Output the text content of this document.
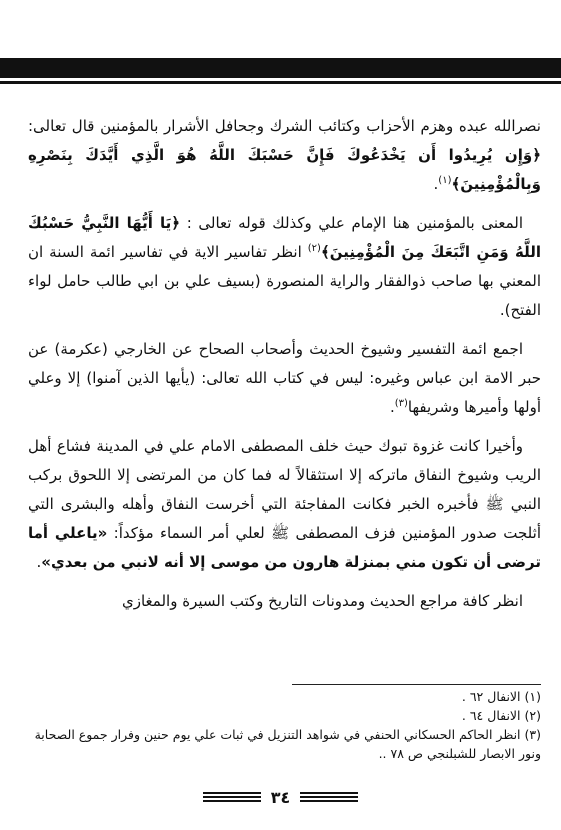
نصرالله عبده وهزم الأحزاب وكتائب الشرك وجحافل الأشرار بالمؤمنين قال تعالى: ﴿وَإِن يُرِيدُوا أَن يَخْدَعُوكَ فَإِنَّ حَسْبَكَ اللَّهُ هُوَ الَّذِي أَيَّدَكَ بِنَصْرِهِ وَبِالْمُؤْمِنِينَ﴾$^{(١)}$.

المعنى بالمؤمنين هنا الإمام علي وكذلك قوله تعالى : ﴿يَا أَيُّهَا النَّبِيُّ حَسْبُكَ اللَّهُ وَمَنِ اتَّبَعَكَ مِنَ الْمُؤْمِنِينَ﴾$^{(٢)}$ انظر تفاسير الاية في تفاسير ائمة السنة ان المعني بها صاحب ذوالفقار والراية المنصورة (بسيف علي بن ابي طالب حامل لواء الفتح).

اجمع ائمة التفسير وشيوخ الحديث وأصحاب الصحاح عن الخارجي (عكرمة) عن حبر الامة ابن عباس وغيره: ليس في كتاب الله تعالى: (يأيها الذين آمنوا) إلا وعلي أولها وأميرها وشريفها$^{(٣)}$.

وأخيرا كانت غزوة تبوك حيث خلف المصطفى الامام علي في المدينة فشاع أهل الريب وشيوخ النفاق ماتركه إلا استثقالاً له فما كان من المرتضى إلا اللحوق بركب النبي ﷺ فأخبره الخبر فكانت المفاجئة التي أخرست النفاق وأهله والبشرى التي أثلجت صدور المؤمنين فزف المصطفى ﷺ لعلي أمر السماء مؤكداً: «ياعلي أما ترضى أن تكون مني بمنزلة هارون من موسى إلا أنه لانبي من بعدي».

انظر كافة مراجع الحديث ومدونات التاريخ وكتب السيرة والمغازي

(١) الانفال ٦٢ .
(٢) الانفال ٦٤ .
(٣) انظر الحاكم الحسكاني الحنفي في شواهد التنزيل في ثبات علي يوم حنين وفرار جموع الصحابة ونور الابصار للشبلنجي ص ٧٨ ..
٣٤
